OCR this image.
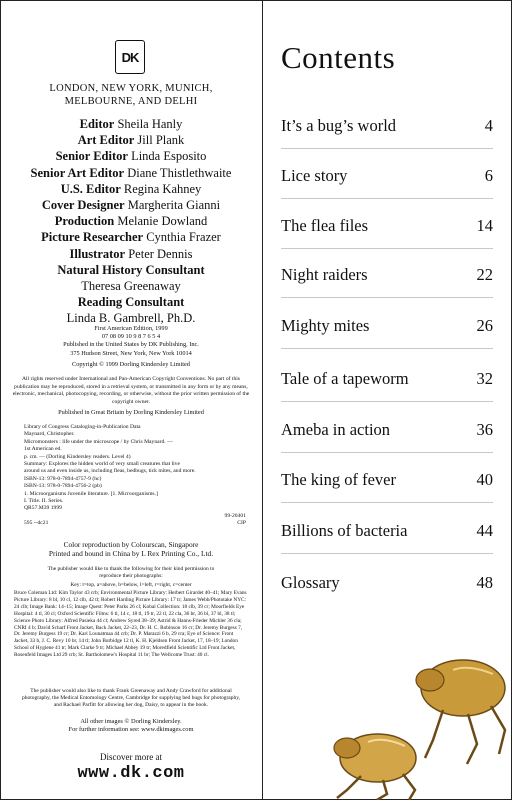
DK
LONDON, NEW YORK, MUNICH,
MELBOURNE, AND DELHI
Editor Sheila Hanly
Art Editor Jill Plank
Senior Editor Linda Esposito
Senior Art Editor Diane Thistlethwaite
U.S. Editor Regina Kahney
Cover Designer Margherita Gianni
Production Melanie Dowland
Picture Researcher Cynthia Frazer
Illustrator Peter Dennis
Natural History Consultant
Theresa Greenaway
Reading Consultant
Linda B. Gambrell, Ph.D.
First American Edition, 1999
07 08 09 10 9 8 7 6 5 4
Published in the United States by DK Publishing, Inc.
375 Hudson Street, New York, New York 10014
Copyright © 1999 Dorling Kindersley Limited
All rights reserved under International and Pan-American Copyright Conventions. No part of this publication may be reproduced, stored in a retrieval system, or transmitted in any form or by any means, electronic, mechanical, photocopying, recording, or otherwise, without the prior written permission of the copyright owner.
Published in Great Britain by Dorling Kindersley Limited
Library of Congress Cataloging-in-Publication Data
Maynard, Christopher.
Micromonsters : life under the microscope / by Chris Maynard. —
1st American ed.
p. cm. — (Dorling Kindersley readers. Level 4)
Summary: Explores the hidden world of very small creatures that live
around us and even inside us, including fleas, bedbugs, tick mites, and more.
ISBN-13: 978-0-7894-4757-9 (hc)
ISBN-13: 978-0-7894-4756-2 (pb)
1. Microorganisms Juvenile literature. [1. Microorganisms.]
I. Title. II. Series.
QR57.M39 1999
99-20401
595 --dc21	CIP
Color reproduction by Colourscan, Singapore
Printed and bound in China by L Rex Printing Co., Ltd.
The publisher would like to thank the following for their kind permission to reproduce their photographs:
Key: t=top, a=above, b=below, l=left, r=right, c=center
Bruce Coleman Ltd: Kim Taylor 43 crb; Environmental Picture Library: Herbert Girardet 40–41; Mary Evans Picture Library: 8 bl, 10 cl, 12 clb, 42 tl; Robert Harding Picture Library: 17 tr; James Webb/Phototake NYC: 24 clb; Image Bank: 14–15; Image Quest: Peter Parks 26 cl; Kobal Collection: 18 clb, 39 cr; Moorfields Eye Hospital: 4 tl, 30 cl; Oxford Scientific Films: 6 tl, 14 c, 18 tl, 19 tr, 22 tl, 22 cla, 36 br, 36 bl, 37 bl, 38 tl; Science Photo Library: Alfred Pasieka 44 cl; Andrew Syred 38–39; Astrid & Hanns-Frieder Michler 36 cla; CNRI 4 b; David Scharf Front Jacket, Back Jacket, 22–23, Dr. H. C. Robinson 16 cr; Dr. Jeremy Burgess 7, Dr. Jeremy Burgess 19 cr; Dr. Kari Lounatmaa 44 crb; Dr. P. Marazzi 6 b, 29 cra; Eye of Science: Front Jacket, 33 b, J. C. Revy 10 br, 14 tl; John Burbidge 12 tl, K. H. Kjeldsen Front Jacket, 17, 18–19; London School of Hygiene 41 tr; Mark Clarke 9 tr; Michael Abbey 19 tr; Moredfield Scientific Ltd Front Jacket, Rosenfeld Images Ltd 29 crb; St. Bartholomew's Hospital 11 br; The Wellcome Trust: 40 cl.
The publisher would also like to thank Frank Greenaway and Andy Crawford for additional photography, the Medical Entomology Centre, Cambridge for supplying bed bugs for photography, and Rachael Parfitt for allowing her dog, Daisy, to appear in the book.
All other images © Dorling Kindersley.
For further information see: www.dkimages.com
Discover more at
www.dk.com
Contents
It’s a bug’s world	4
Lice story	6
The flea files	14
Night raiders	22
Mighty mites	26
Tale of a tapeworm	32
Ameba in action	36
The king of fever	40
Billions of bacteria	44
Glossary	48
